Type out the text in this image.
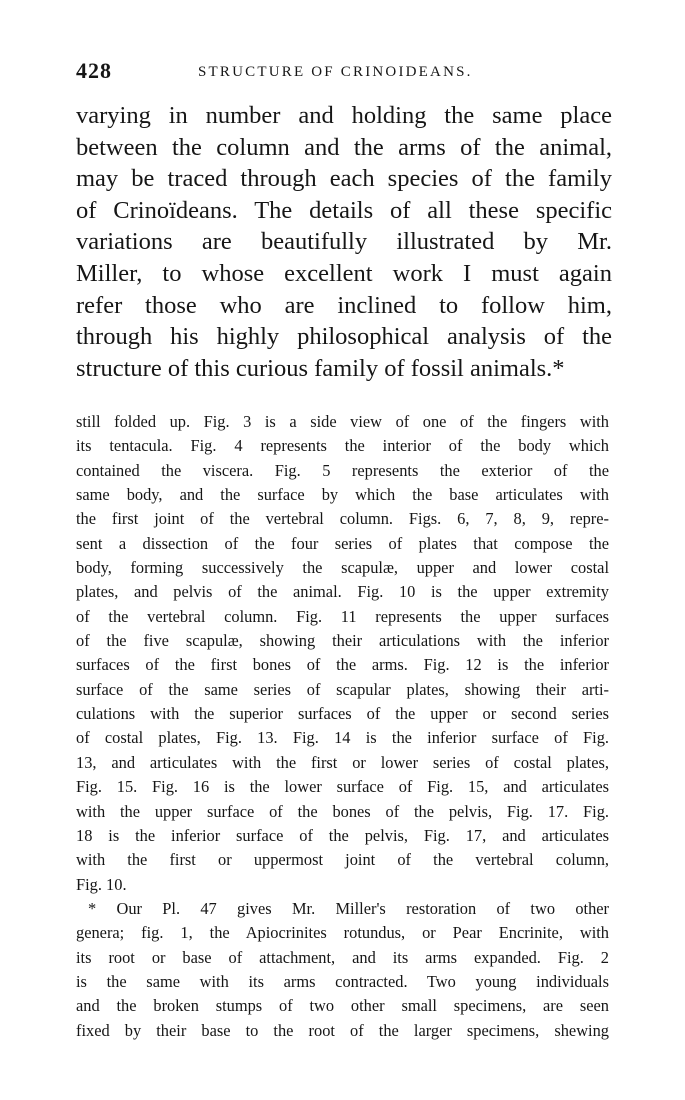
428	STRUCTURE OF CRINOIDEANS.
varying in number and holding the same place
between the column and the arms of the animal,
may be traced through each species of the family
of Crinoïdeans. The details of all these specific
variations are beautifully illustrated by Mr.
Miller, to whose excellent work I must again
refer those who are inclined to follow him,
through his highly philosophical analysis of the
structure of this curious family of fossil animals.*
still folded up. Fig. 3 is a side view of one of the fingers with
its tentacula. Fig. 4 represents the interior of the body which
contained the viscera. Fig. 5 represents the exterior of the
same body, and the surface by which the base articulates with
the first joint of the vertebral column. Figs. 6, 7, 8, 9, repre-
sent a dissection of the four series of plates that compose the
body, forming successively the scapulæ, upper and lower costal
plates, and pelvis of the animal. Fig. 10 is the upper extremity
of the vertebral column. Fig. 11 represents the upper surfaces
of the five scapulæ, showing their articulations with the inferior
surfaces of the first bones of the arms. Fig. 12 is the inferior
surface of the same series of scapular plates, showing their arti-
culations with the superior surfaces of the upper or second series
of costal plates, Fig. 13. Fig. 14 is the inferior surface of Fig.
13, and articulates with the first or lower series of costal plates,
Fig. 15. Fig. 16 is the lower surface of Fig. 15, and articulates
with the upper surface of the bones of the pelvis, Fig. 17. Fig.
18 is the inferior surface of the pelvis, Fig. 17, and articulates
with the first or uppermost joint of the vertebral column,
Fig. 10.
* Our Pl. 47 gives Mr. Miller's restoration of two other
genera; fig. 1, the Apiocrinites rotundus, or Pear Encrinite, with
its root or base of attachment, and its arms expanded. Fig. 2
is the same with its arms contracted. Two young individuals
and the broken stumps of two other small specimens, are seen
fixed by their base to the root of the larger specimens, shewing
